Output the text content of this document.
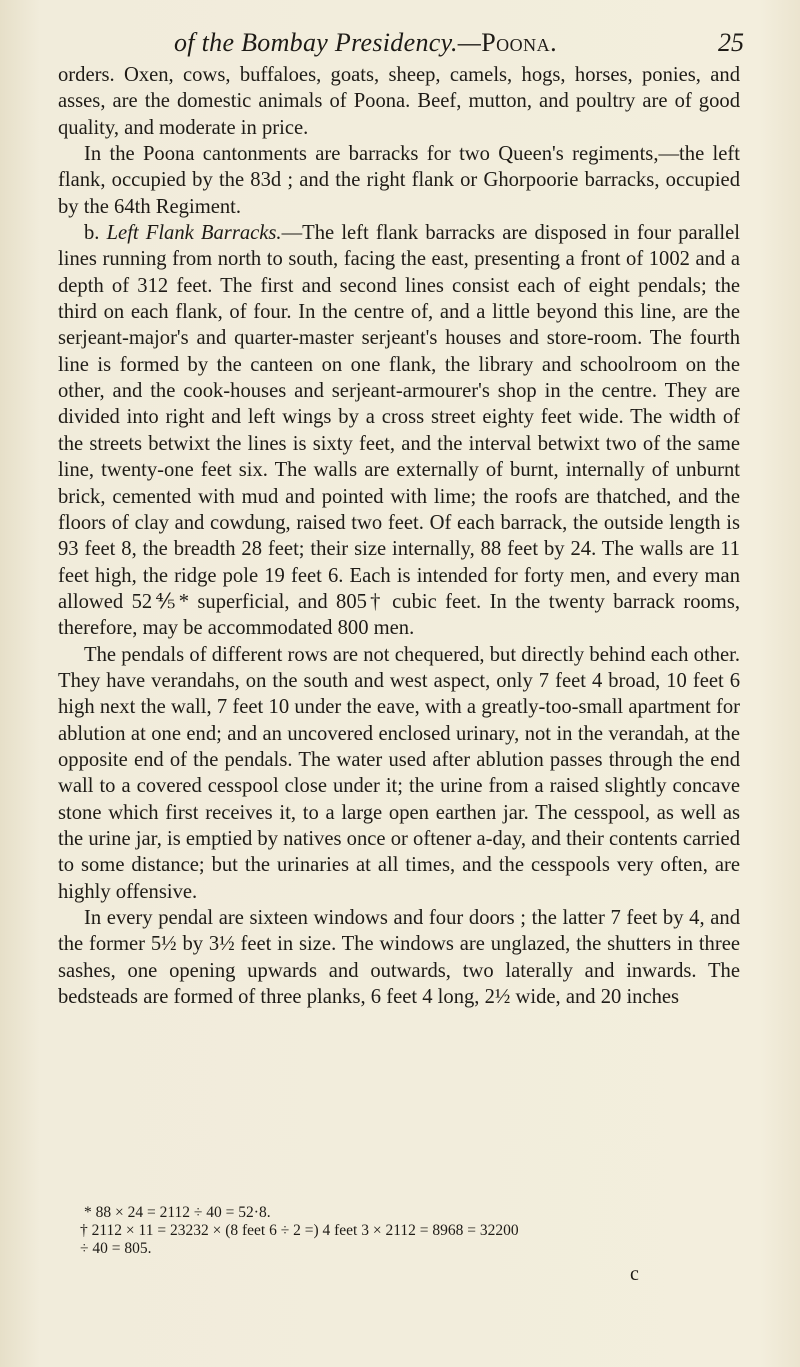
of the Bombay Presidency.—Poona.	25

orders. Oxen, cows, buffaloes, goats, sheep, camels, hogs, horses, ponies, and asses, are the domestic animals of Poona. Beef, mutton, and poultry are of good quality, and moderate in price.

In the Poona cantonments are barracks for two Queen's regiments,—the left flank, occupied by the 83d ; and the right flank or Ghorpoorie barracks, occupied by the 64th Regiment.

b. Left Flank Barracks.—The left flank barracks are disposed in four parallel lines running from north to south, facing the east, presenting a front of 1002 and a depth of 312 feet. The first and second lines consist each of eight pendals; the third on each flank, of four. In the centre of, and a little beyond this line, are the serjeant-major's and quarter-master serjeant's houses and store-room. The fourth line is formed by the canteen on one flank, the library and schoolroom on the other, and the cook-houses and serjeant-armourer's shop in the centre. They are divided into right and left wings by a cross street eighty feet wide. The width of the streets betwixt the lines is sixty feet, and the interval betwixt two of the same line, twenty-one feet six. The walls are externally of burnt, internally of unburnt brick, cemented with mud and pointed with lime; the roofs are thatched, and the floors of clay and cowdung, raised two feet. Of each barrack, the outside length is 93 feet 8, the breadth 28 feet; their size internally, 88 feet by 24. The walls are 11 feet high, the ridge pole 19 feet 6. Each is intended for forty men, and every man allowed 52⅘* superficial, and 805† cubic feet. In the twenty barrack rooms, therefore, may be accommodated 800 men.

The pendals of different rows are not chequered, but directly behind each other. They have verandahs, on the south and west aspect, only 7 feet 4 broad, 10 feet 6 high next the wall, 7 feet 10 under the eave, with a greatly-too-small apartment for ablution at one end; and an uncovered enclosed urinary, not in the verandah, at the opposite end of the pendals. The water used after ablution passes through the end wall to a covered cesspool close under it; the urine from a raised slightly concave stone which first receives it, to a large open earthen jar. The cesspool, as well as the urine jar, is emptied by natives once or oftener a-day, and their contents carried to some distance; but the urinaries at all times, and the cesspools very often, are highly offensive.

In every pendal are sixteen windows and four doors ; the latter 7 feet by 4, and the former 5½ by 3½ feet in size. The windows are unglazed, the shutters in three sashes, one opening upwards and outwards, two laterally and inwards. The bedsteads are formed of three planks, 6 feet 4 long, 2½ wide, and 20 inches

* 88 × 24 = 2112 ÷ 40 = 52·8.

† 2112 × 11 = 23232 × (8 feet 6 ÷ 2 =) 4 feet 3 × 2112 = 8968 = 32200

÷ 40 = 805.

c
